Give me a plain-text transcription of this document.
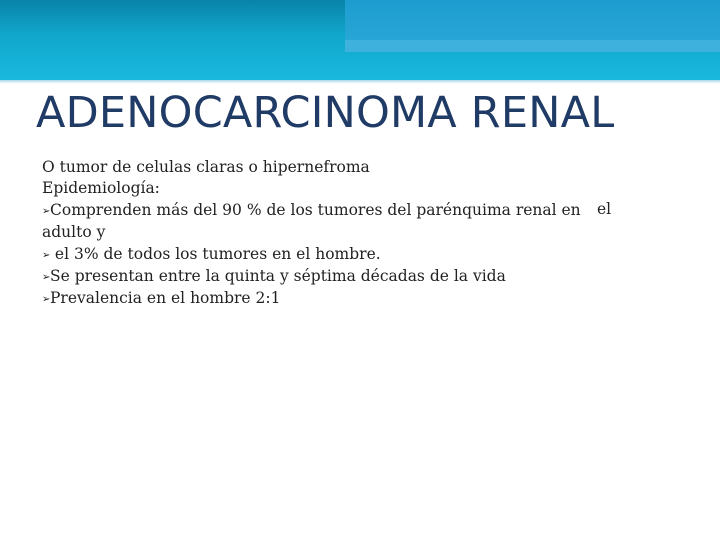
ADENOCARCINOMA RENAL
O tumor de celulas claras o hipernefroma
Epidemiología:
➢Comprenden más del 90 % de los tumores del parénquima renal en
adulto y
➢ el 3% de todos los tumores en el hombre.
➢Se presentan entre la quinta y séptima décadas de la vida
➢Prevalencia en el hombre 2:1
el
